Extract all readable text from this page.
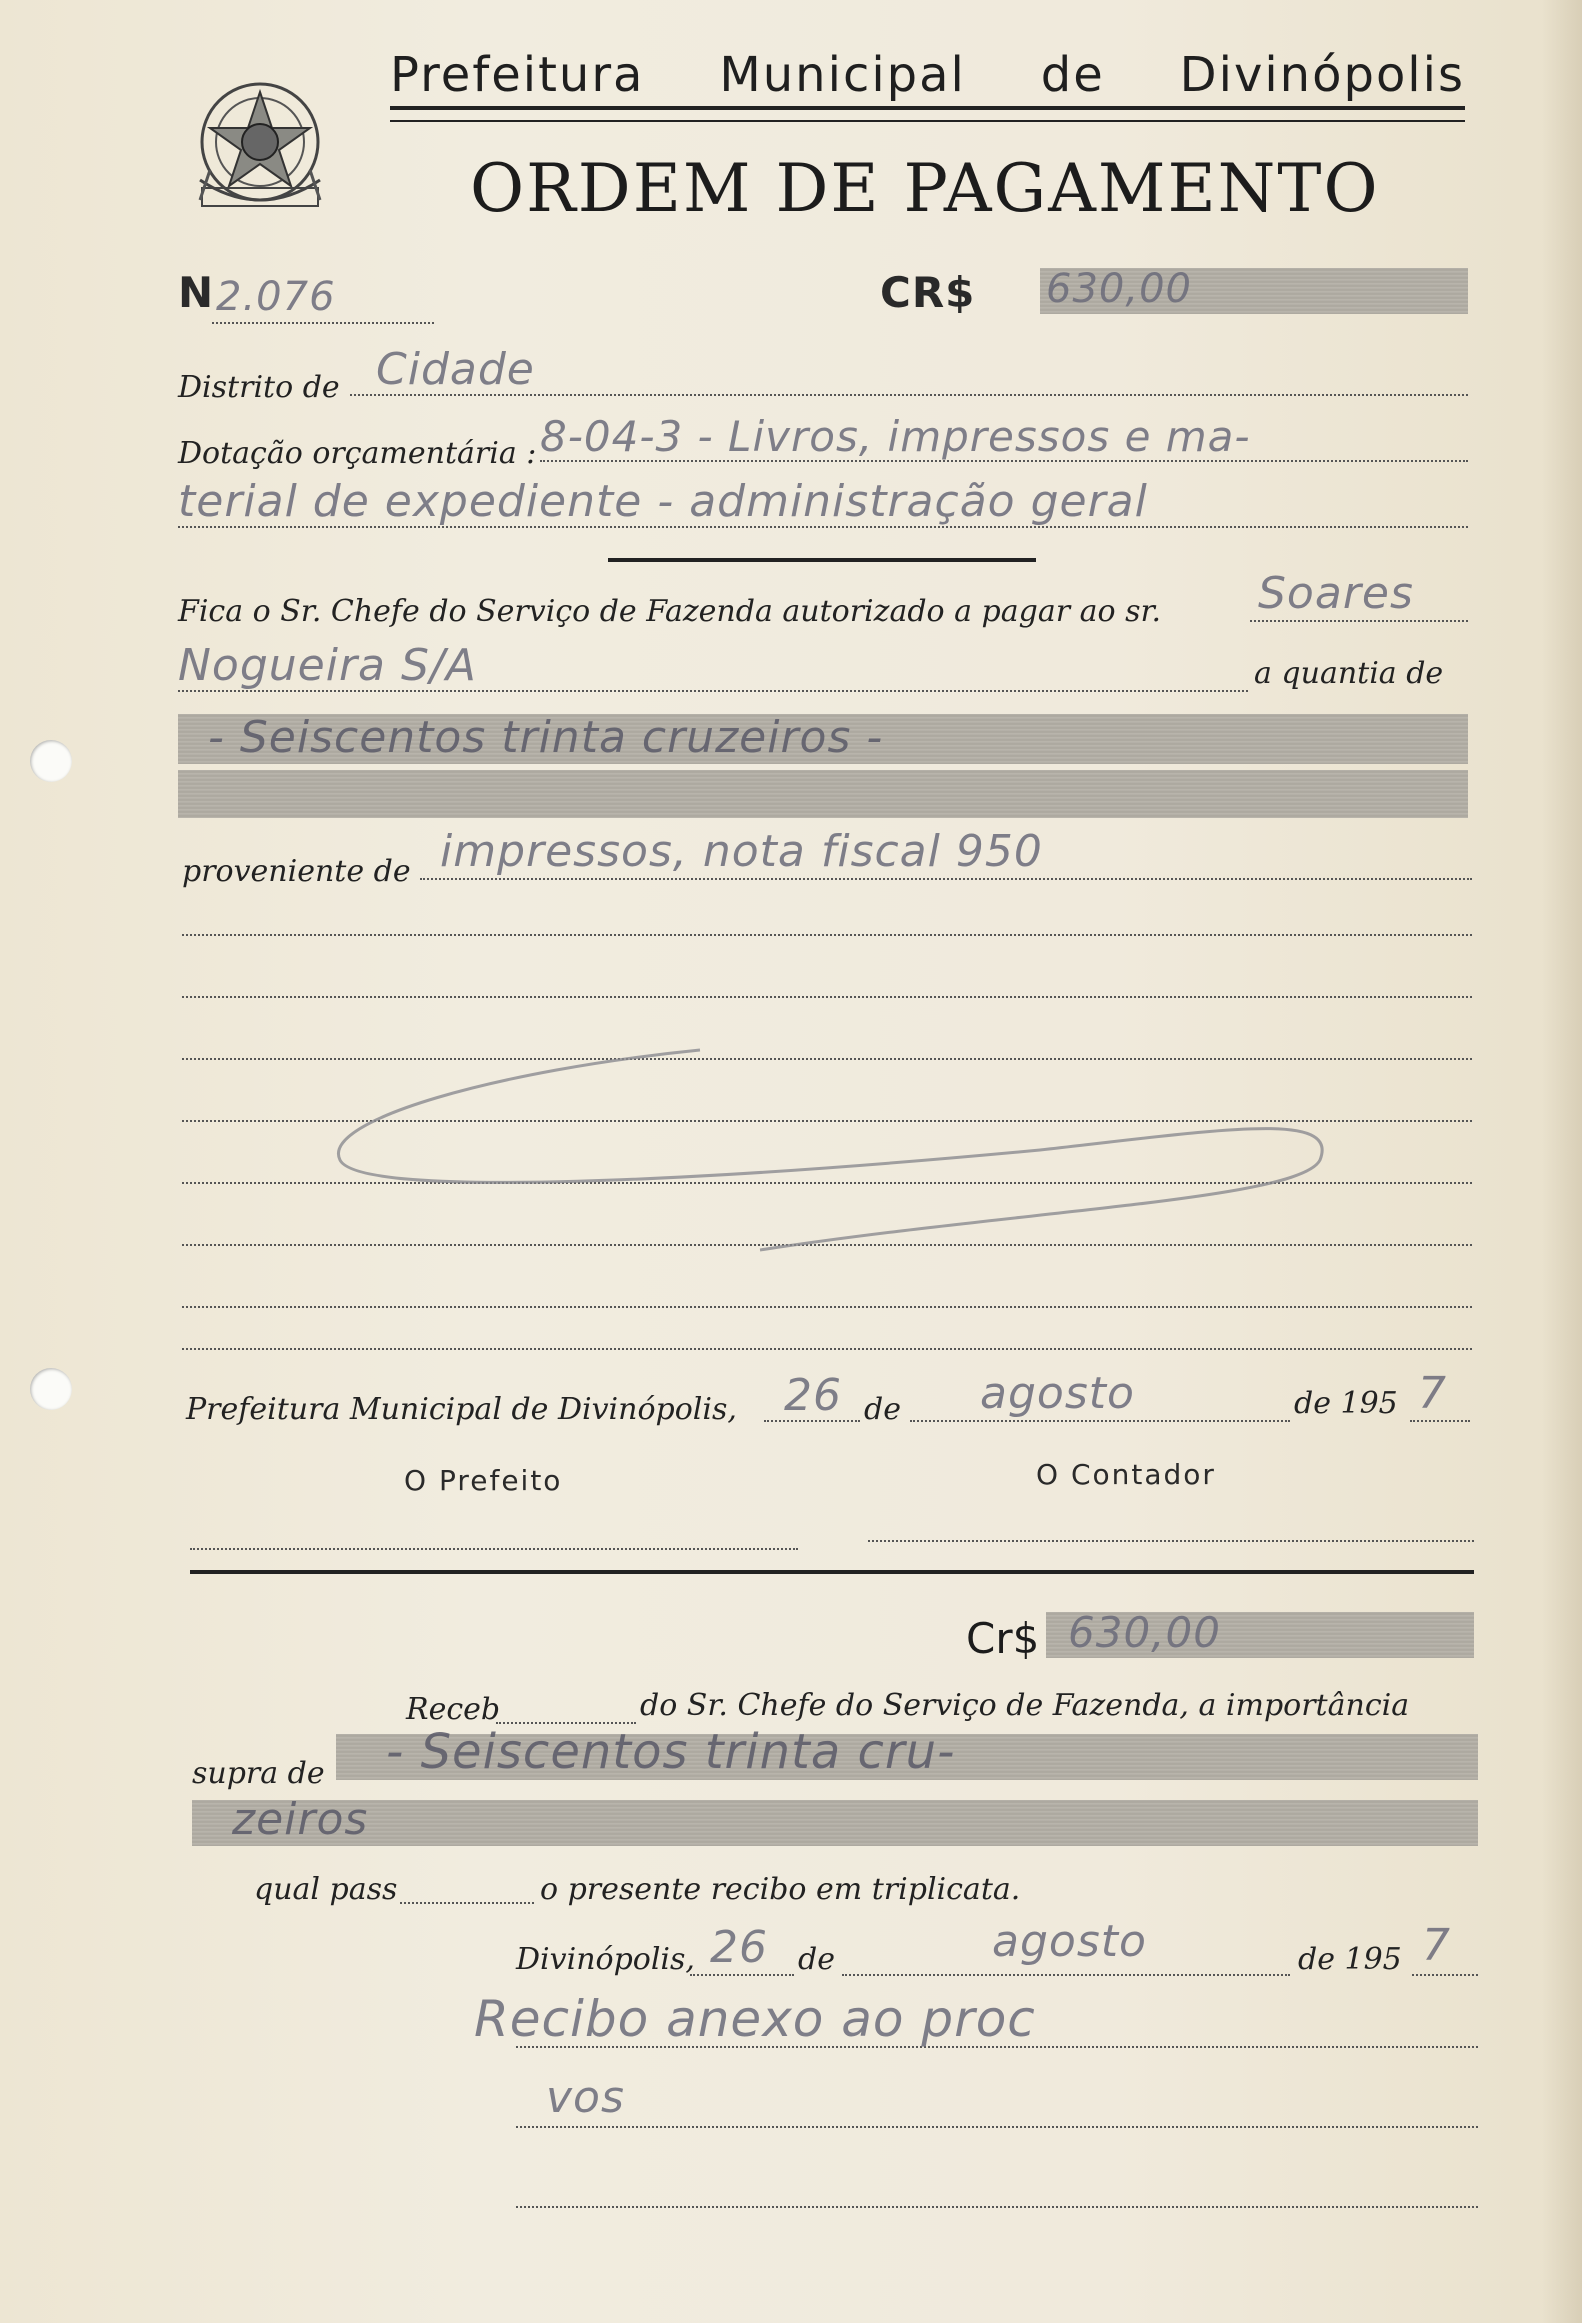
Prefeitura Municipal de Divinópolis
ORDEM DE PAGAMENTO
N 2.076	CR$ 630,00
Distrito de Cidade
Dotação orçamentária : 8-04-3 - Livros, impressos e ma-
terial de expediente - administração geral
Fica o Sr. Chefe do Serviço de Fazenda autorizado a pagar ao sr. Soares
Nogueira S/A	a quantia de
- Seiscentos trinta cruzeiros -
proveniente de impressos, nota fiscal 950
Prefeitura Municipal de Divinópolis, 26 de agosto	de 195 7
O Prefeito	O Contador
Cr$ 630,00
Receb	do Sr. Chefe do Serviço de Fazenda, a importância
supra de - Seiscentos trinta cru-
zeiros
qual pass	o presente recibo em triplicata.
Divinópolis, 26 de	agosto	de 195 7
Recibo anexo ao proc
vos
